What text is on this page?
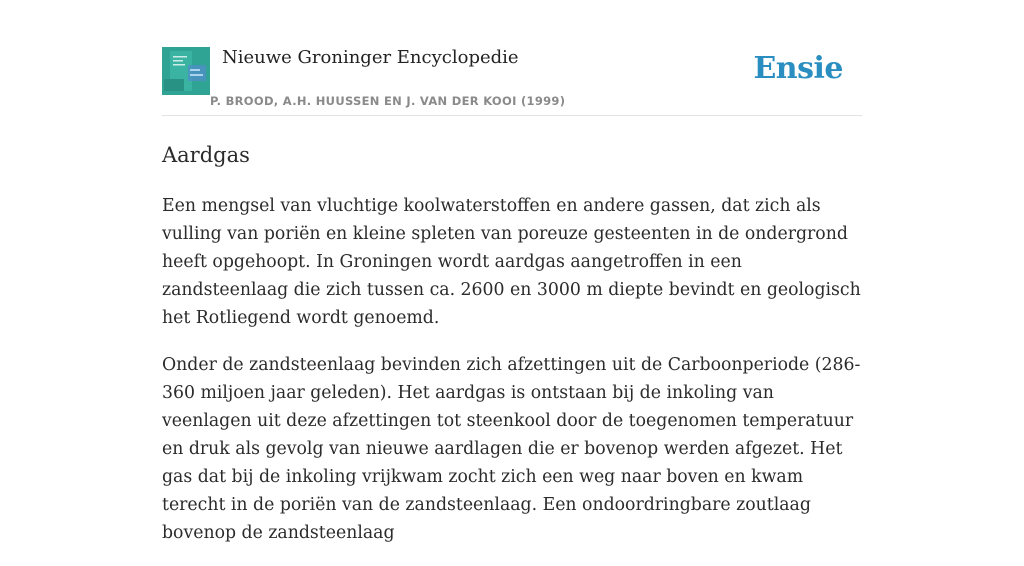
Nieuwe Groninger Encyclopedie
P. BROOD, A.H. HUUSSEN EN J. VAN DER KOOI (1999)
Ensie
Aardgas

Een mengsel van vluchtige koolwaterstoffen en andere gassen, dat zich als vulling van poriën en kleine spleten van poreuze gesteenten in de ondergrond heeft opgehoopt. In Groningen wordt aardgas aangetroffen in een zandsteenlaag die zich tussen ca. 2600 en 3000 m diepte bevindt en geologisch het Rotliegend wordt genoemd.

Onder de zandsteenlaag bevinden zich afzettingen uit de Carboonperiode (286-360 miljoen jaar geleden). Het aardgas is ontstaan bij de inkoling van veenlagen uit deze afzettingen tot steenkool door de toegenomen temperatuur en druk als gevolg van nieuwe aardlagen die er bovenop werden afgezet. Het gas dat bij de inkoling vrijkwam zocht zich een weg naar boven en kwam terecht in de poriën van de zandsteenlaag. Een ondoordringbare zoutlaag bovenop de zandsteenlaag
